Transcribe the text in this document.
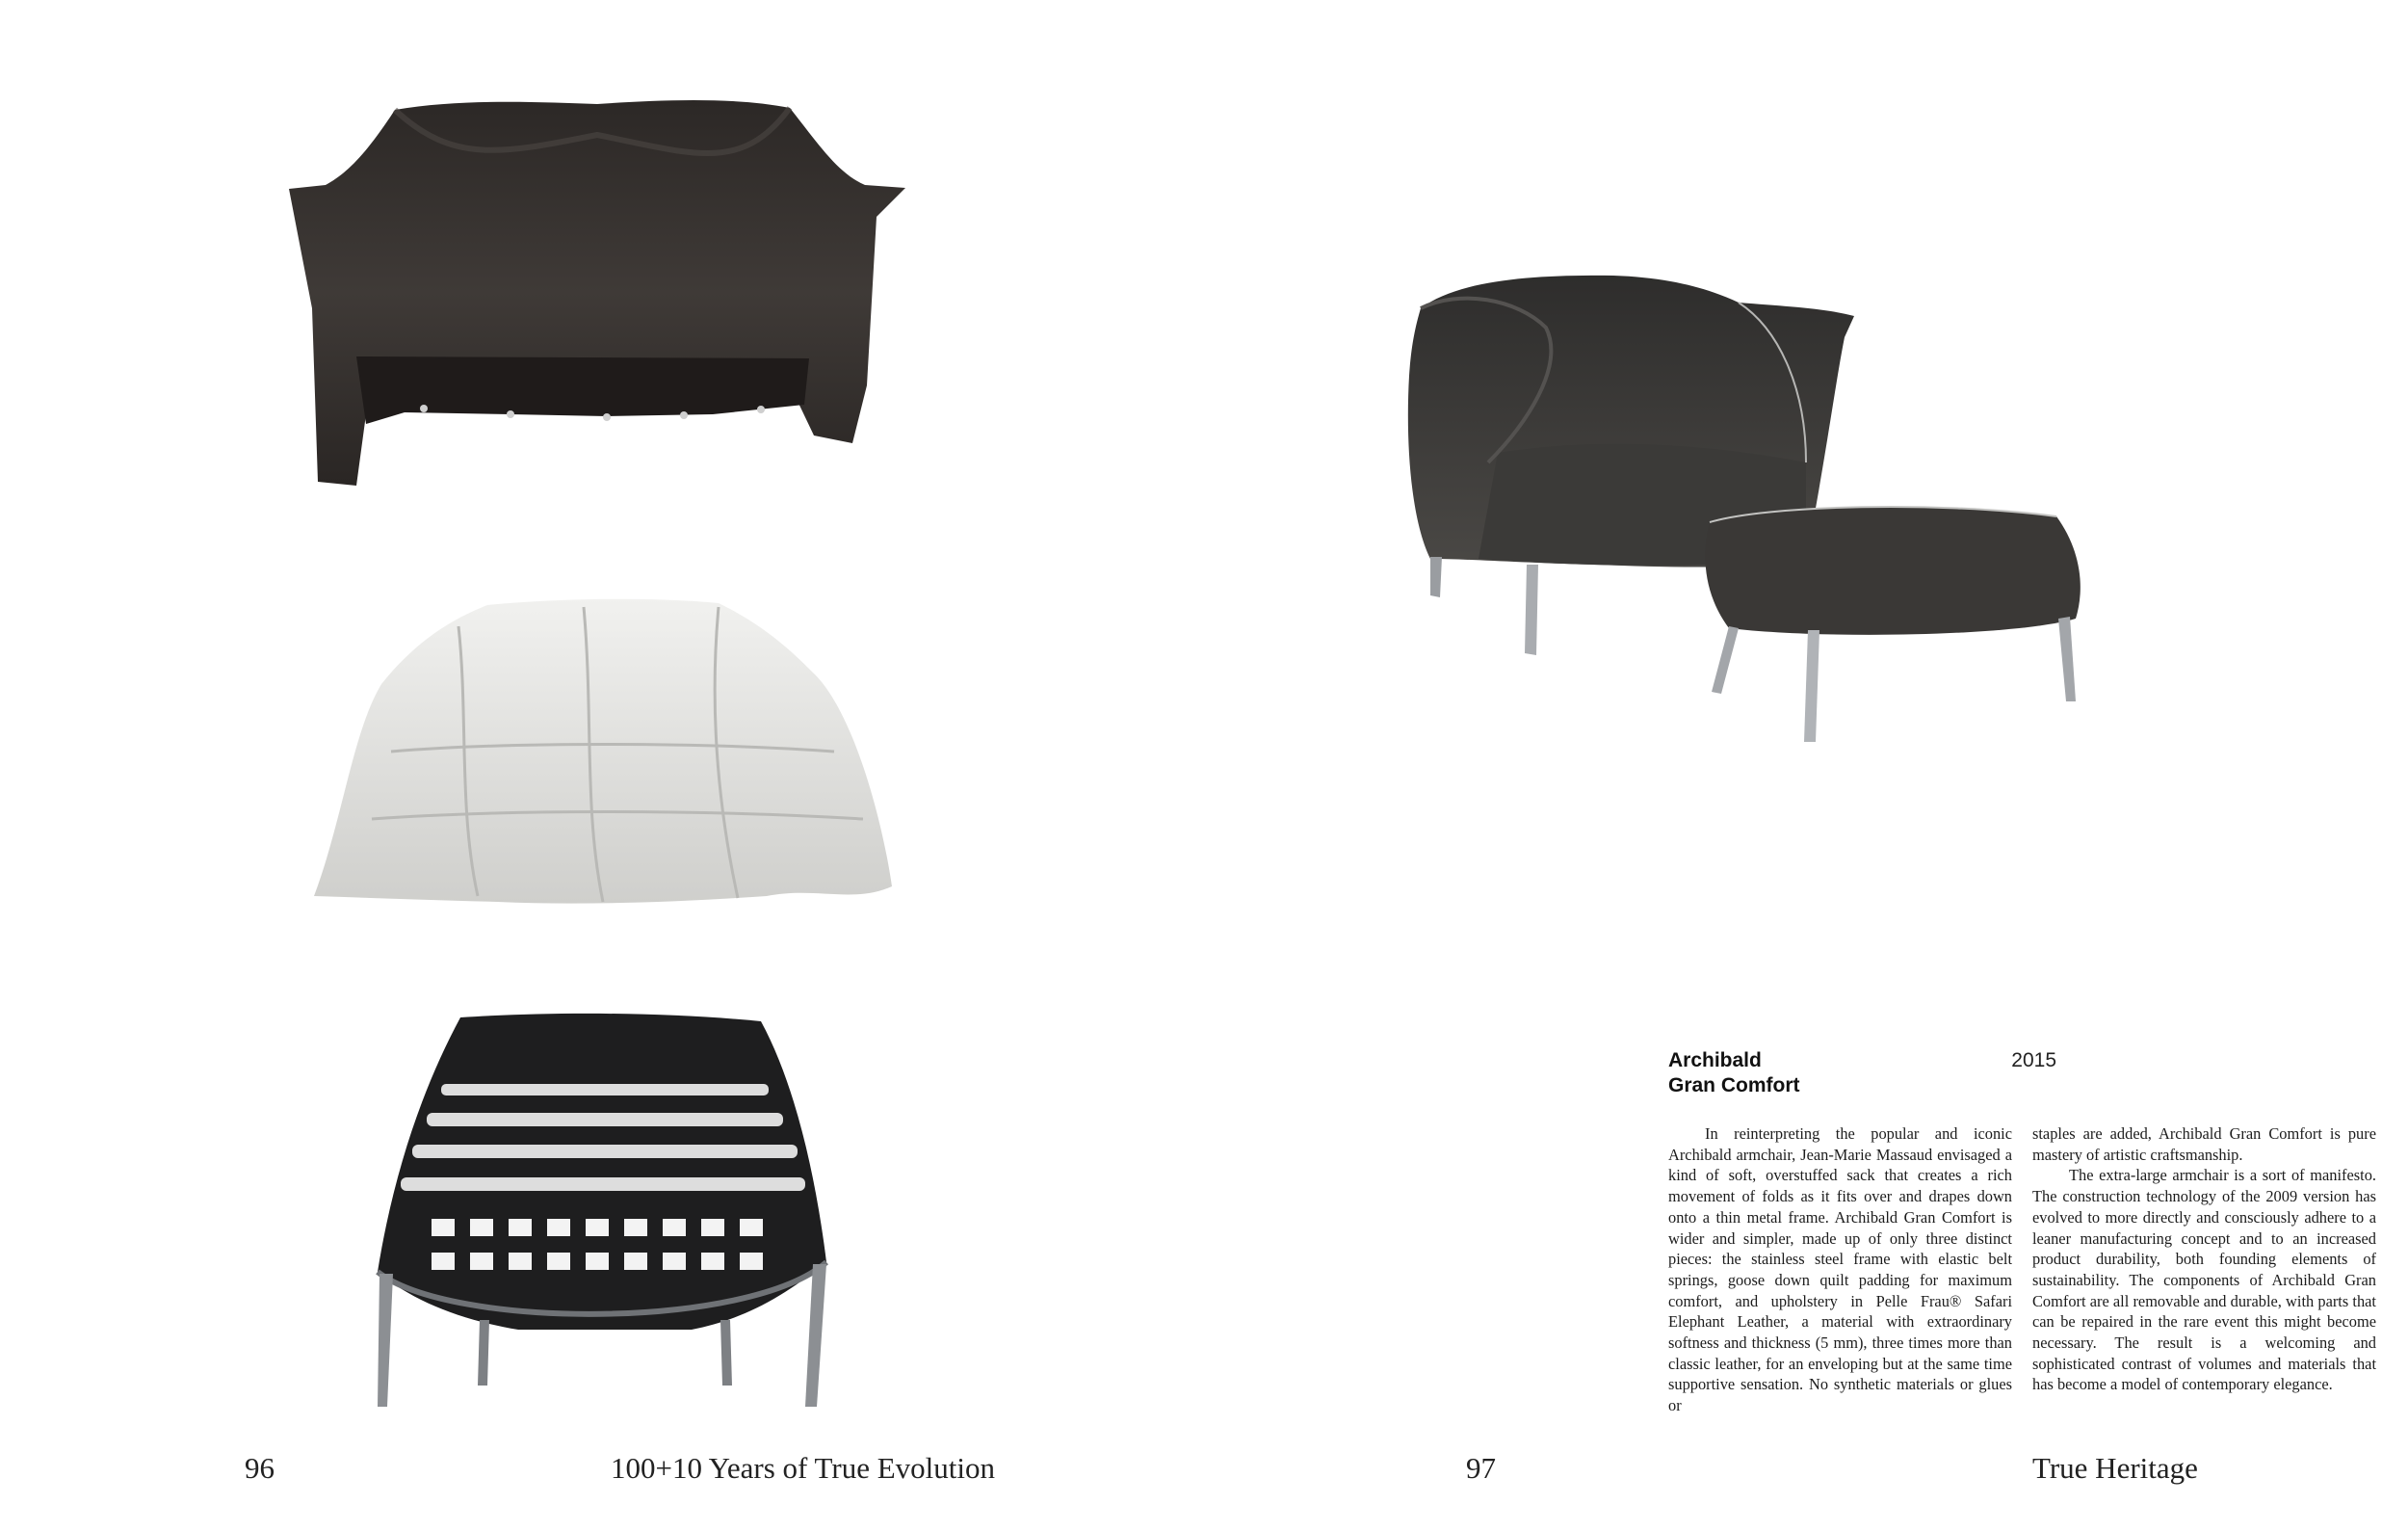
96	100+10 Years of True Evolution
Archibald
Gran Comfort
2015

In reinterpreting the popular and iconic Archibald armchair, Jean-Marie Massaud envisaged a kind of soft, overstuffed sack that creates a rich movement of folds as it fits over and drapes down onto a thin metal frame. Archibald Gran Comfort is wider and simpler, made up of only three distinct pieces: the stainless steel frame with elastic belt springs, goose down quilt padding for maximum comfort, and upholstery in Pelle Frau® Safari Elephant Leather, a material with extraordinary softness and thickness (5 mm), three times more than classic leather, for an enveloping but at the same time supportive sensation. No synthetic materials or glues or

staples are added, Archibald Gran Comfort is pure mastery of artistic craftsmanship.

The extra-large armchair is a sort of manifesto. The construction technology of the 2009 version has evolved to more directly and consciously adhere to a leaner manufacturing concept and to an increased product durability, both founding elements of sustainability. The components of Archibald Gran Comfort are all removable and durable, with parts that can be repaired in the rare event this might become necessary. The result is a welcoming and sophisticated contrast of volumes and materials that has become a model of contemporary elegance.

97	True Heritage
